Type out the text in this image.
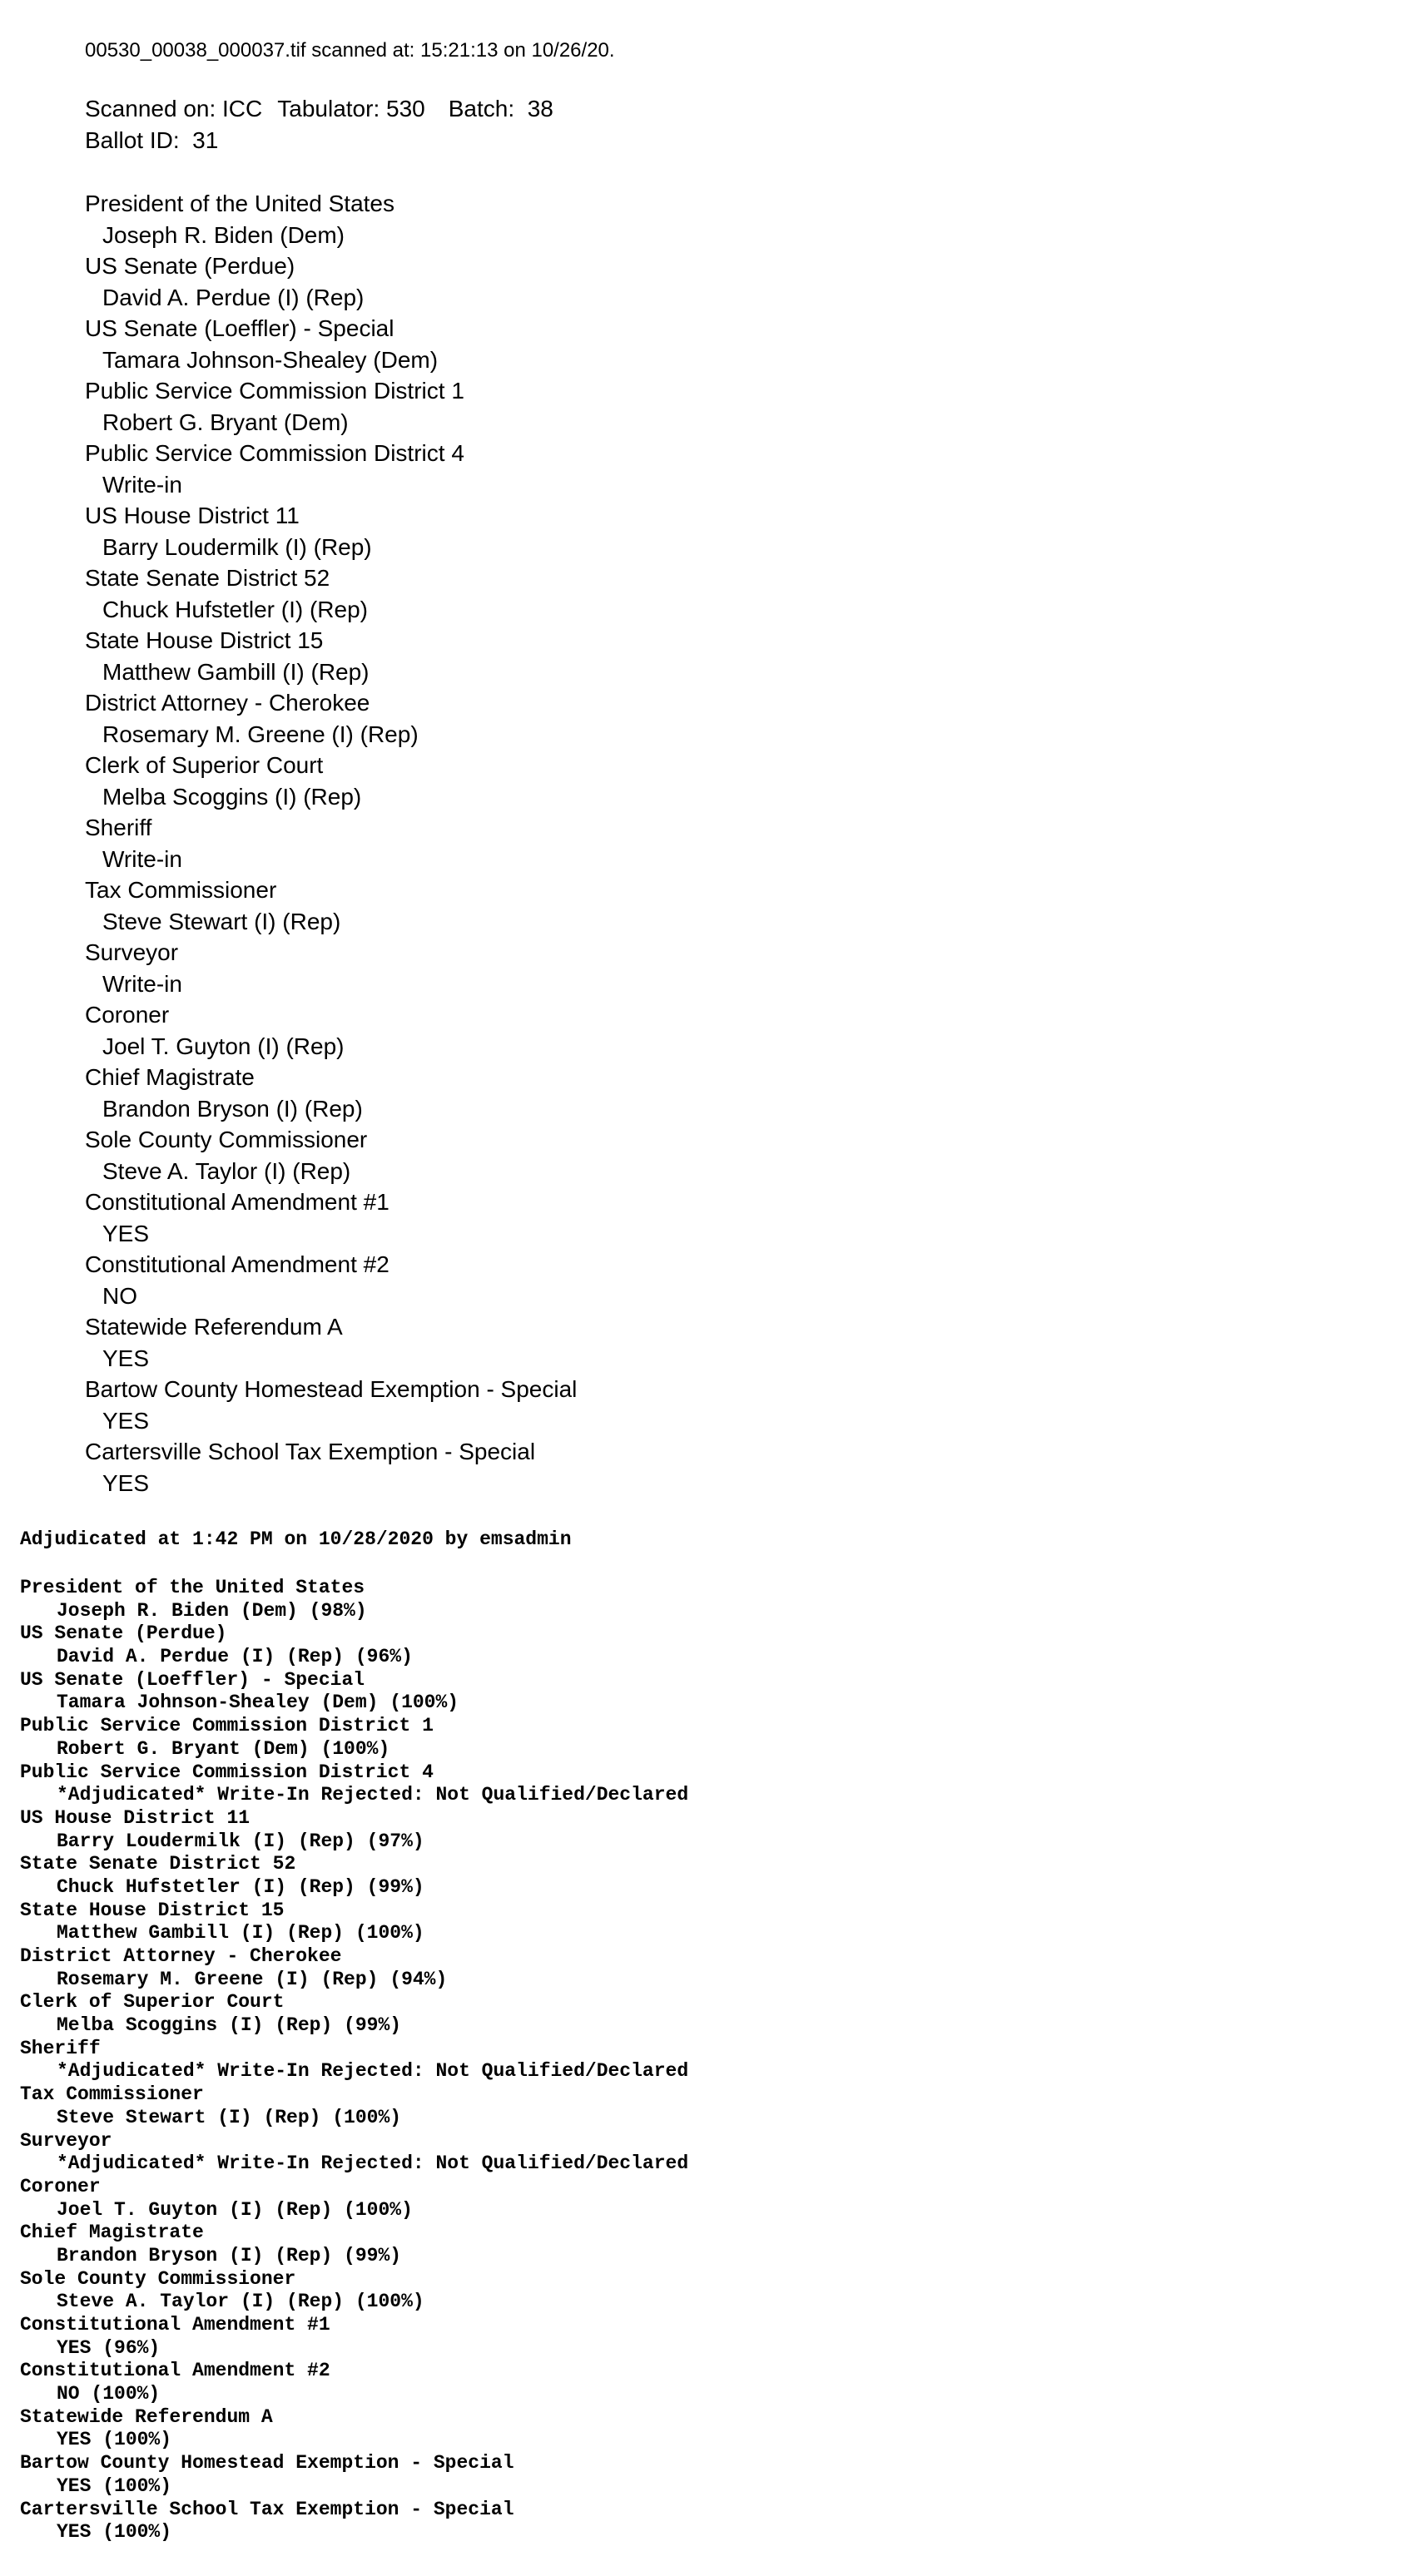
00530_00038_000037.tif scanned at: 15:21:13 on 10/26/20.
Scanned on: ICC Tabulator: 530 Batch: 38
Ballot ID: 31
President of the United States
Joseph R. Biden (Dem)
US Senate (Perdue)
David A. Perdue (I) (Rep)
US Senate (Loeffler) - Special
Tamara Johnson-Shealey (Dem)
Public Service Commission District 1
Robert G. Bryant (Dem)
Public Service Commission District 4
Write-in
US House District 11
Barry Loudermilk (I) (Rep)
State Senate District 52
Chuck Hufstetler (I) (Rep)
State House District 15
Matthew Gambill (I) (Rep)
District Attorney - Cherokee
Rosemary M. Greene (I) (Rep)
Clerk of Superior Court
Melba Scoggins (I) (Rep)
Sheriff
Write-in
Tax Commissioner
Steve Stewart (I) (Rep)
Surveyor
Write-in
Coroner
Joel T. Guyton (I) (Rep)
Chief Magistrate
Brandon Bryson (I) (Rep)
Sole County Commissioner
Steve A. Taylor (I) (Rep)
Constitutional Amendment #1
YES
Constitutional Amendment #2
NO
Statewide Referendum A
YES
Bartow County Homestead Exemption - Special
YES
Cartersville School Tax Exemption - Special
YES
Adjudicated at 1:42 PM on 10/28/2020 by emsadmin
President of the United States
Joseph R. Biden (Dem) (98%)
US Senate (Perdue)
David A. Perdue (I) (Rep) (96%)
US Senate (Loeffler) - Special
Tamara Johnson-Shealey (Dem) (100%)
Public Service Commission District 1
Robert G. Bryant (Dem) (100%)
Public Service Commission District 4
*Adjudicated* Write-In Rejected: Not Qualified/Declared
US House District 11
Barry Loudermilk (I) (Rep) (97%)
State Senate District 52
Chuck Hufstetler (I) (Rep) (99%)
State House District 15
Matthew Gambill (I) (Rep) (100%)
District Attorney - Cherokee
Rosemary M. Greene (I) (Rep) (94%)
Clerk of Superior Court
Melba Scoggins (I) (Rep) (99%)
Sheriff
*Adjudicated* Write-In Rejected: Not Qualified/Declared
Tax Commissioner
Steve Stewart (I) (Rep) (100%)
Surveyor
*Adjudicated* Write-In Rejected: Not Qualified/Declared
Coroner
Joel T. Guyton (I) (Rep) (100%)
Chief Magistrate
Brandon Bryson (I) (Rep) (99%)
Sole County Commissioner
Steve A. Taylor (I) (Rep) (100%)
Constitutional Amendment #1
YES (96%)
Constitutional Amendment #2
NO (100%)
Statewide Referendum A
YES (100%)
Bartow County Homestead Exemption - Special
YES (100%)
Cartersville School Tax Exemption - Special
YES (100%)
